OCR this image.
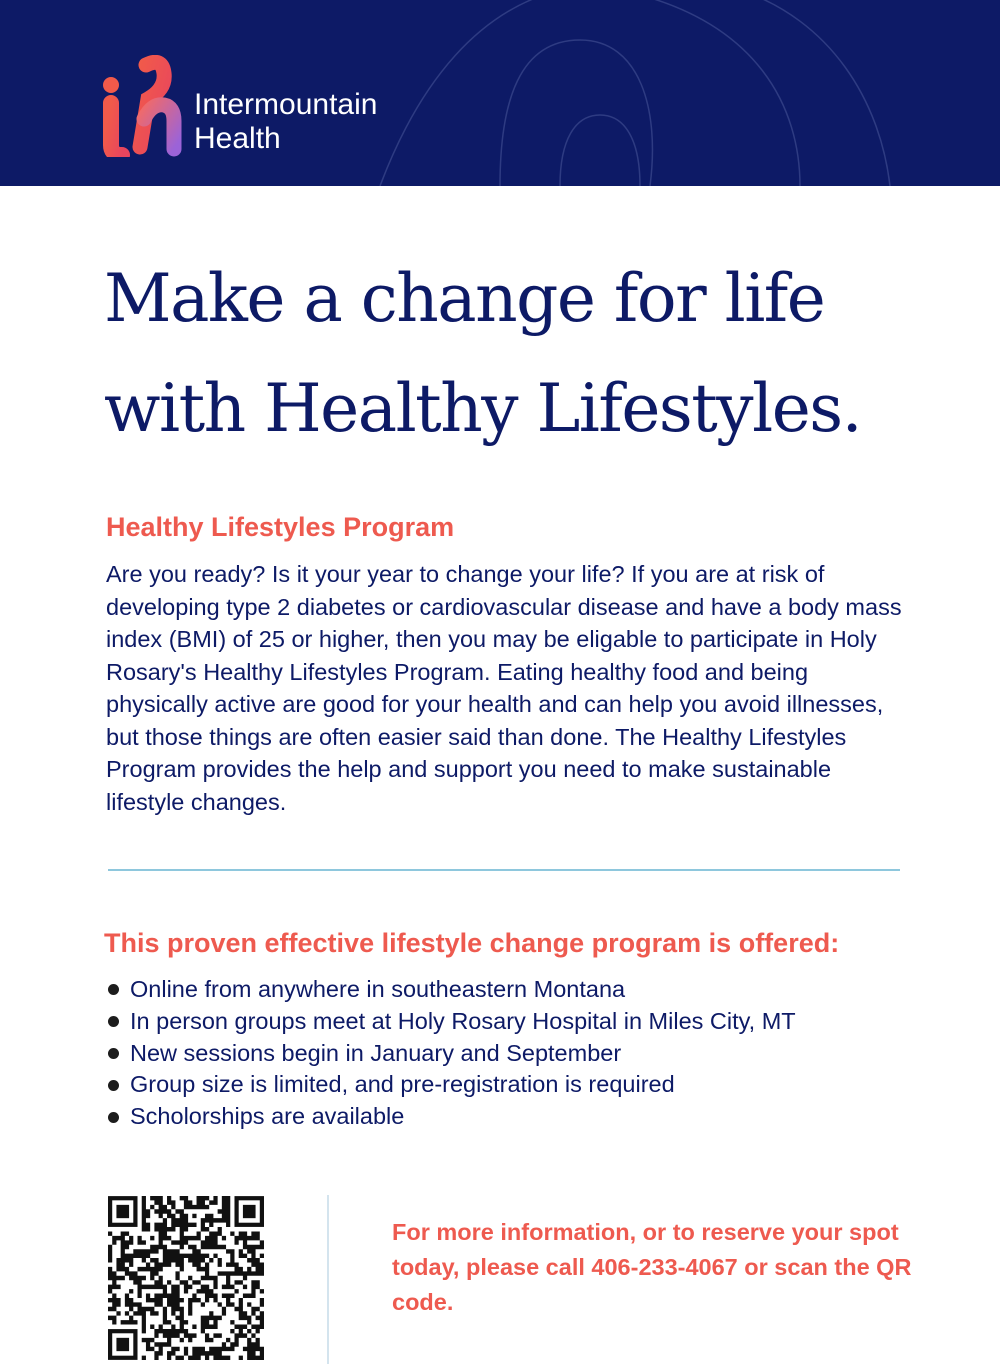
Intermountain
Health
Make a change for life
with Healthy Lifestyles.
Healthy Lifestyles Program
Are you ready? Is it your year to change your life? If you are at risk of developing type 2 diabetes or cardiovascular disease and have a body mass index (BMI) of 25 or higher, then you may be eligable to participate in Holy Rosary's Healthy Lifestyles Program. Eating healthy food and being physically active are good for your health and can help you avoid illnesses, but those things are often easier said than done. The Healthy Lifestyles Program provides the help and support you need to make sustainable lifestyle changes.
This proven effective lifestyle change program is offered:
Online from anywhere in southeastern Montana
In person groups meet at Holy Rosary Hospital in Miles City, MT
New sessions begin in January and September
Group size is limited, and pre-registration is required
Scholorships are available
For more information, or to reserve your spot today, please call 406-233-4067 or scan the QR code.
